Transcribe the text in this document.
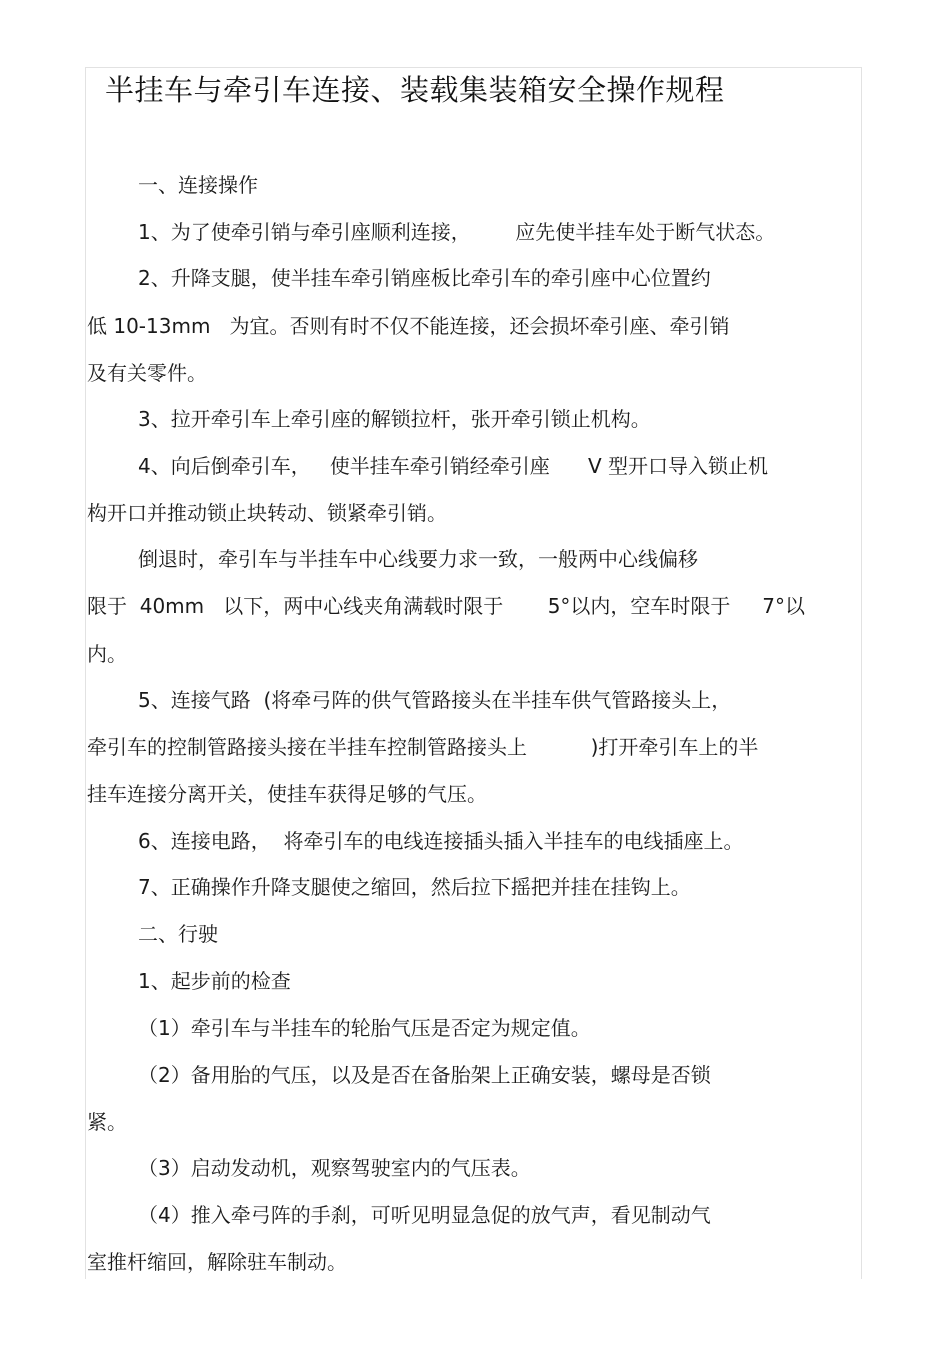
半挂车与牵引车连接、装载集装箱安全操作规程
一、连接操作
1、为了使牵引销与牵引座顺利连接，       应先使半挂车处于断气状态。
2、升降支腿，使半挂车牵引销座板比牵引车的牵引座中心位置约
低 10-13mm   为宜。否则有时不仅不能连接，还会损坏牵引座、牵引销
及有关零件。
3、拉开牵引车上牵引座的解锁拉杆，张开牵引锁止机构。
4、向后倒牵引车，   使半挂车牵引销经牵引座      V 型开口导入锁止机
构开口并推动锁止块转动、锁紧牵引销。
倒退时，牵引车与半挂车中心线要力求一致，一般两中心线偏移
限于  40mm   以下，两中心线夹角满载时限于       5°以内，空车时限于     7°以
内。
5、连接气路  (将牵弓阵的供气管路接头在半挂车供气管路接头上，
牵引车的控制管路接头接在半挂车控制管路接头上          )打开牵引车上的半
挂车连接分离开关，使挂车获得足够的气压。
6、连接电路，  将牵引车的电线连接插头插入半挂车的电线插座上。
7、正确操作升降支腿使之缩回，然后拉下摇把并挂在挂钩上。
二、行驶
1、起步前的检查
（1）牵引车与半挂车的轮胎气压是否定为规定值。
（2）备用胎的气压，以及是否在备胎架上正确安装，螺母是否锁
紧。
（3）启动发动机，观察驾驶室内的气压表。
（4）推入牵弓阵的手刹，可听见明显急促的放气声，看见制动气
室推杆缩回，解除驻车制动。
